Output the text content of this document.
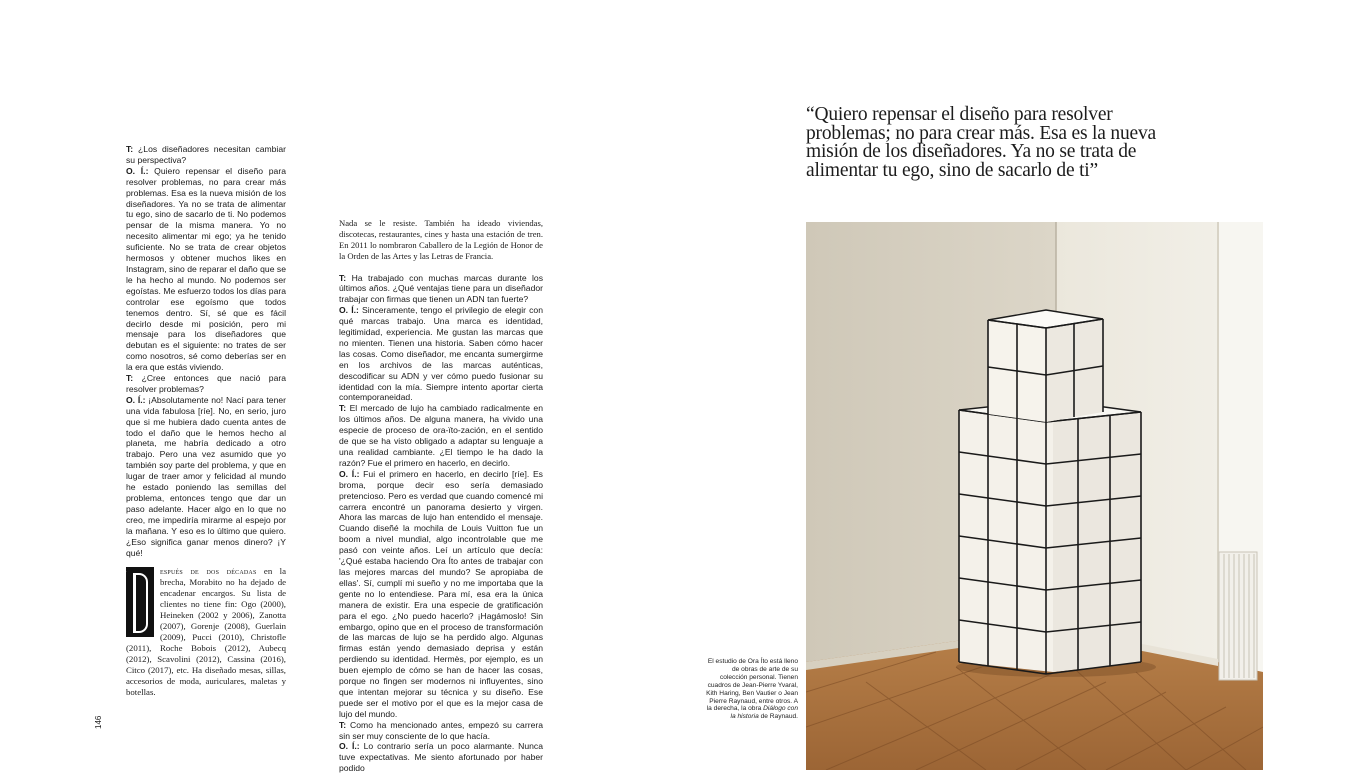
T: ¿Los diseñadores necesitan cambiar su perspectiva?

O. Í.: Quiero repensar el diseño para resolver problemas, no para crear más problemas. Esa es la nueva misión de los diseñadores. Ya no se trata de alimentar tu ego, sino de sacarlo de ti. No podemos pensar de la misma manera. Yo no necesito alimentar mi ego; ya he tenido suficiente. No se trata de crear objetos hermosos y obtener muchos likes en Instagram, sino de reparar el daño que se le ha hecho al mundo. No podemos ser egoístas. Me esfuerzo todos los días para controlar ese egoísmo que todos tenemos dentro. Sí, sé que es fácil decirlo desde mi posición, pero mi mensaje para los diseñadores que debutan es el siguiente: no trates de ser como nosotros, sé como deberías ser en la era que estás viviendo.

T: ¿Cree entonces que nació para resolver problemas?

O. Í.: ¡Absolutamente no! Nací para tener una vida fabulosa [ríe]. No, en serio, juro que si me hubiera dado cuenta antes de todo el daño que le hemos hecho al planeta, me habría dedicado a otro trabajo. Pero una vez asumido que yo también soy parte del problema, y que en lugar de traer amor y felicidad al mundo he estado poniendo las semillas del problema, entonces tengo que dar un paso adelante. Hacer algo en lo que no creo, me impediría mirarme al espejo por la mañana. Y eso es lo último que quiero. ¿Eso significa ganar menos dinero? ¡Y qué!

D	espués de dos décadas en la brecha, Morabito no ha dejado de encadenar encargos. Su lista de clientes no tiene fin: Ogo (2000), Heineken (2002 y 2006), Zanotta (2007), Gorenje (2008), Guerlain (2009), Pucci (2010), Christofle (2011), Roche Bobois (2012), Aubecq (2012), Scavolini (2012), Cassina (2016), Citco (2017), etc. Ha diseñado mesas, sillas, accesorios de moda, auriculares, maletas y botellas.

Nada se le resiste. También ha ideado viviendas, discotecas, restaurantes, cines y hasta una estación de tren. En 2011 lo nombraron Caballero de la Legión de Honor de la Orden de las Artes y las Letras de Francia.

T: Ha trabajado con muchas marcas durante los últimos años. ¿Qué ventajas tiene para un diseñador trabajar con firmas que tienen un ADN tan fuerte?

O. Í.: Sinceramente, tengo el privilegio de elegir con qué marcas trabajo. Una marca es identidad, legitimidad, experiencia. Me gustan las marcas que no mienten. Tienen una historia. Saben cómo hacer las cosas. Como diseñador, me encanta sumergirme en los archivos de las marcas auténticas, descodificar su ADN y ver cómo puedo fusionar su identidad con la mía. Siempre intento aportar cierta contemporaneidad.

T: El mercado de lujo ha cambiado radicalmente en los últimos años. De alguna manera, ha vivido una especie de proceso de ora-ïto-zación, en el sentido de que se ha visto obligado a adaptar su lenguaje a una realidad cambiante. ¿El tiempo le ha dado la razón? Fue el primero en hacerlo, en decirlo.

O. Í.: Fui el primero en hacerlo, en decirlo [ríe]. Es broma, porque decir eso sería demasiado pretencioso. Pero es verdad que cuando comencé mi carrera encontré un panorama desierto y virgen. Ahora las marcas de lujo han entendido el mensaje. Cuando diseñé la mochila de Louis Vuitton fue un boom a nivel mundial, algo incontrolable que me pasó con veinte años. Leí un artículo que decía: '¿Qué estaba haciendo Ora Íto antes de trabajar con las mejores marcas del mundo? Se apropiaba de ellas'. Sí, cumplí mi sueño y no me importaba que la gente no lo entendiese. Para mí, esa era la única manera de existir. Era una especie de gratificación para el ego. ¿No puedo hacerlo? ¡Hagámoslo! Sin embargo, opino que en el proceso de transformación de las marcas de lujo se ha perdido algo. Algunas firmas están yendo demasiado deprisa y están perdiendo su identidad. Hermès, por ejemplo, es un buen ejemplo de cómo se han de hacer las cosas, porque no fingen ser modernos ni influyentes, sino que intentan mejorar su técnica y su diseño. Ese puede ser el motivo por el que es la mejor casa de lujo del mundo.

T: Como ha mencionado antes, empezó su carrera sin ser muy consciente de lo que hacía.

O. Í.: Lo contrario sería un poco alarmante. Nunca tuve expectativas. Me siento afortunado por haber podido

“Quiero repensar el diseño para resolver problemas; no para crear más. Esa es la nueva misión de los diseñadores. Ya no se trata de alimentar tu ego, sino de sacarlo de ti”
El estudio de Ora Íto está lleno de obras de arte de su colección personal. Tienen cuadros de Jean-Pierre Yvaral, Kith Haring, Ben Vautier o Jean Pierre Raynaud, entre otros. A la derecha, la obra Diálogo con la historia de Raynaud.
146
